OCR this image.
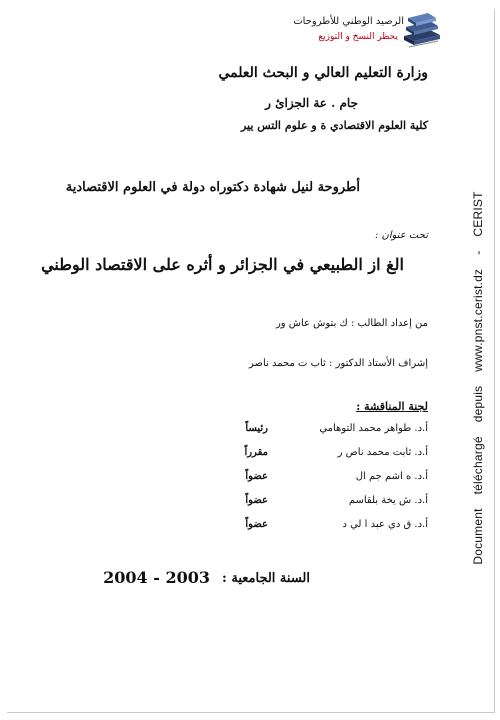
الرصيد الوطني للأطروحات
يحظر النسخ و التوزيع
وزارة التعليم العالي و البحث العلمي
جام . عة الجزائ ر
كلية العلوم الاقتصادي ة و علوم التس يير
أطروحة لنيل شهادة دكتوراه دولة في العلوم الاقتصادية
تحت عنوان :
الغ از الطبيعي في الجزائر و أثره على الاقتصاد الوطني
من إعداد الطالب : ك بتوش عاش ور
إشراف الأستاذ الدكتور : ثاب ت محمد ناصر
لجنة المناقشة :
أ.د. طواهر محمد التوهامي
رئيساً
أ.د. ثابت محمد ناص ر
مقرراً
أ.د. ه اشم جم ال
عضواً
أ.د. ش يخة بلقاسم
عضواً
أ.د. ق دي عبد ا لي د
عضواً
السنة الجامعية :
2004 - 2003
Documenttéléchargédepuiswww.pnst.cerist.dz-CERIST
